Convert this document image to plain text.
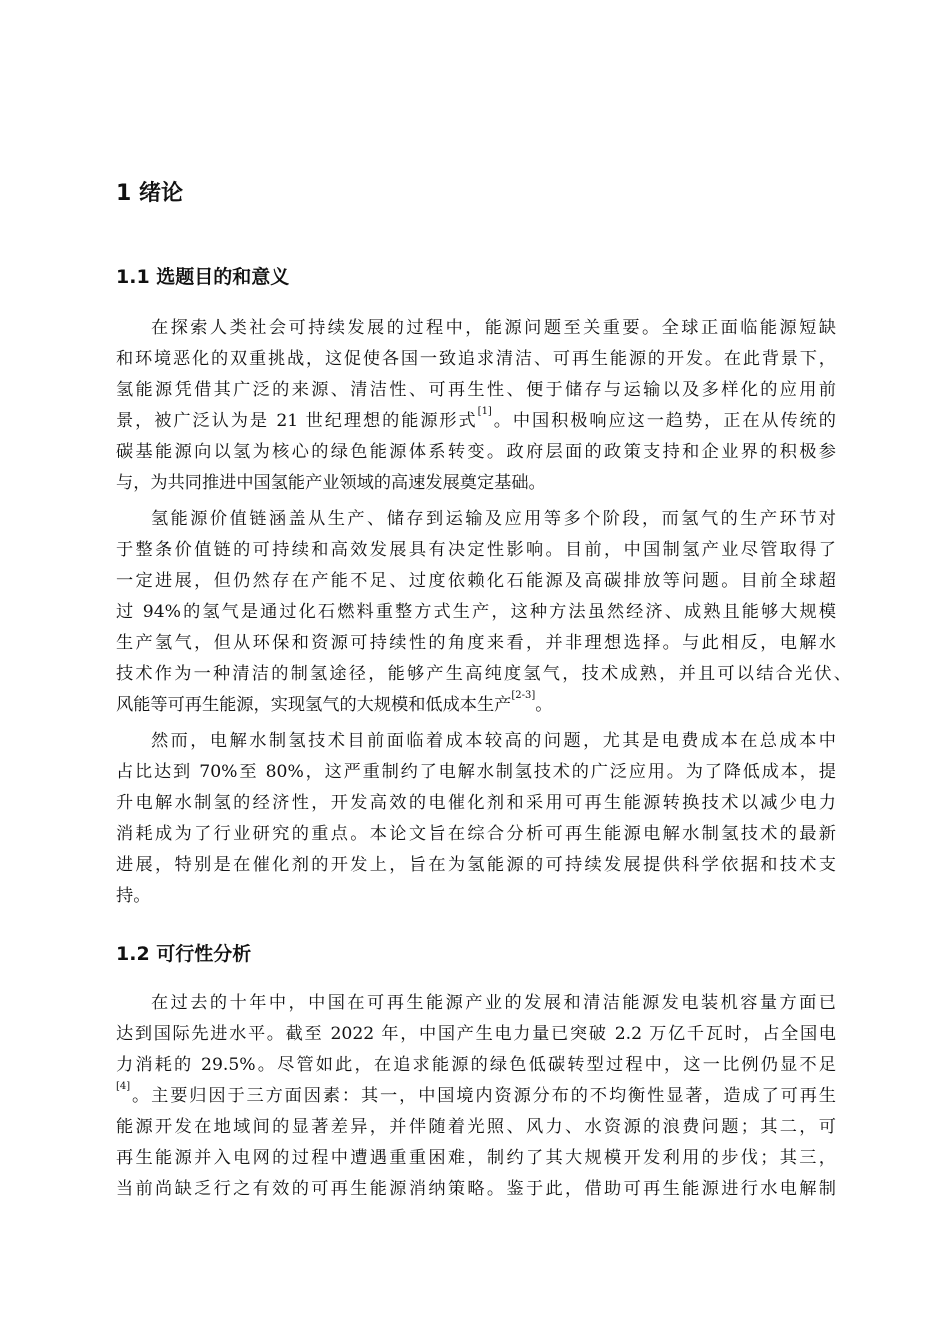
1 绪论
1.1 选题目的和意义
在探索人类社会可持续发展的过程中，能源问题至关重要。全球正面临能源短缺
和环境恶化的双重挑战，这促使各国一致追求清洁、可再生能源的开发。在此背景下，
氢能源凭借其广泛的来源、清洁性、可再生性、便于储存与运输以及多样化的应用前
景，被广泛认为是 21 世纪理想的能源形式[1]。中国积极响应这一趋势，正在从传统的
碳基能源向以氢为核心的绿色能源体系转变。政府层面的政策支持和企业界的积极参
与，为共同推进中国氢能产业领域的高速发展奠定基础。
氢能源价值链涵盖从生产、储存到运输及应用等多个阶段，而氢气的生产环节对
于整条价值链的可持续和高效发展具有决定性影响。目前，中国制氢产业尽管取得了
一定进展，但仍然存在产能不足、过度依赖化石能源及高碳排放等问题。目前全球超
过 94%的氢气是通过化石燃料重整方式生产，这种方法虽然经济、成熟且能够大规模
生产氢气，但从环保和资源可持续性的角度来看，并非理想选择。与此相反，电解水
技术作为一种清洁的制氢途径，能够产生高纯度氢气，技术成熟，并且可以结合光伏、
风能等可再生能源，实现氢气的大规模和低成本生产[2-3]。
然而，电解水制氢技术目前面临着成本较高的问题，尤其是电费成本在总成本中
占比达到 70%至 80%，这严重制约了电解水制氢技术的广泛应用。为了降低成本，提
升电解水制氢的经济性，开发高效的电催化剂和采用可再生能源转换技术以减少电力
消耗成为了行业研究的重点。本论文旨在综合分析可再生能源电解水制氢技术的最新
进展，特别是在催化剂的开发上，旨在为氢能源的可持续发展提供科学依据和技术支
持。
1.2 可行性分析
在过去的十年中，中国在可再生能源产业的发展和清洁能源发电装机容量方面已
达到国际先进水平。截至 2022 年，中国产生电力量已突破 2.2 万亿千瓦时，占全国电
力消耗的 29.5%。尽管如此，在追求能源的绿色低碳转型过程中，这一比例仍显不足
[4]。主要归因于三方面因素：其一，中国境内资源分布的不均衡性显著，造成了可再生
能源开发在地域间的显著差异，并伴随着光照、风力、水资源的浪费问题；其二，可
再生能源并入电网的过程中遭遇重重困难，制约了其大规模开发利用的步伐；其三，
当前尚缺乏行之有效的可再生能源消纳策略。鉴于此，借助可再生能源进行水电解制
